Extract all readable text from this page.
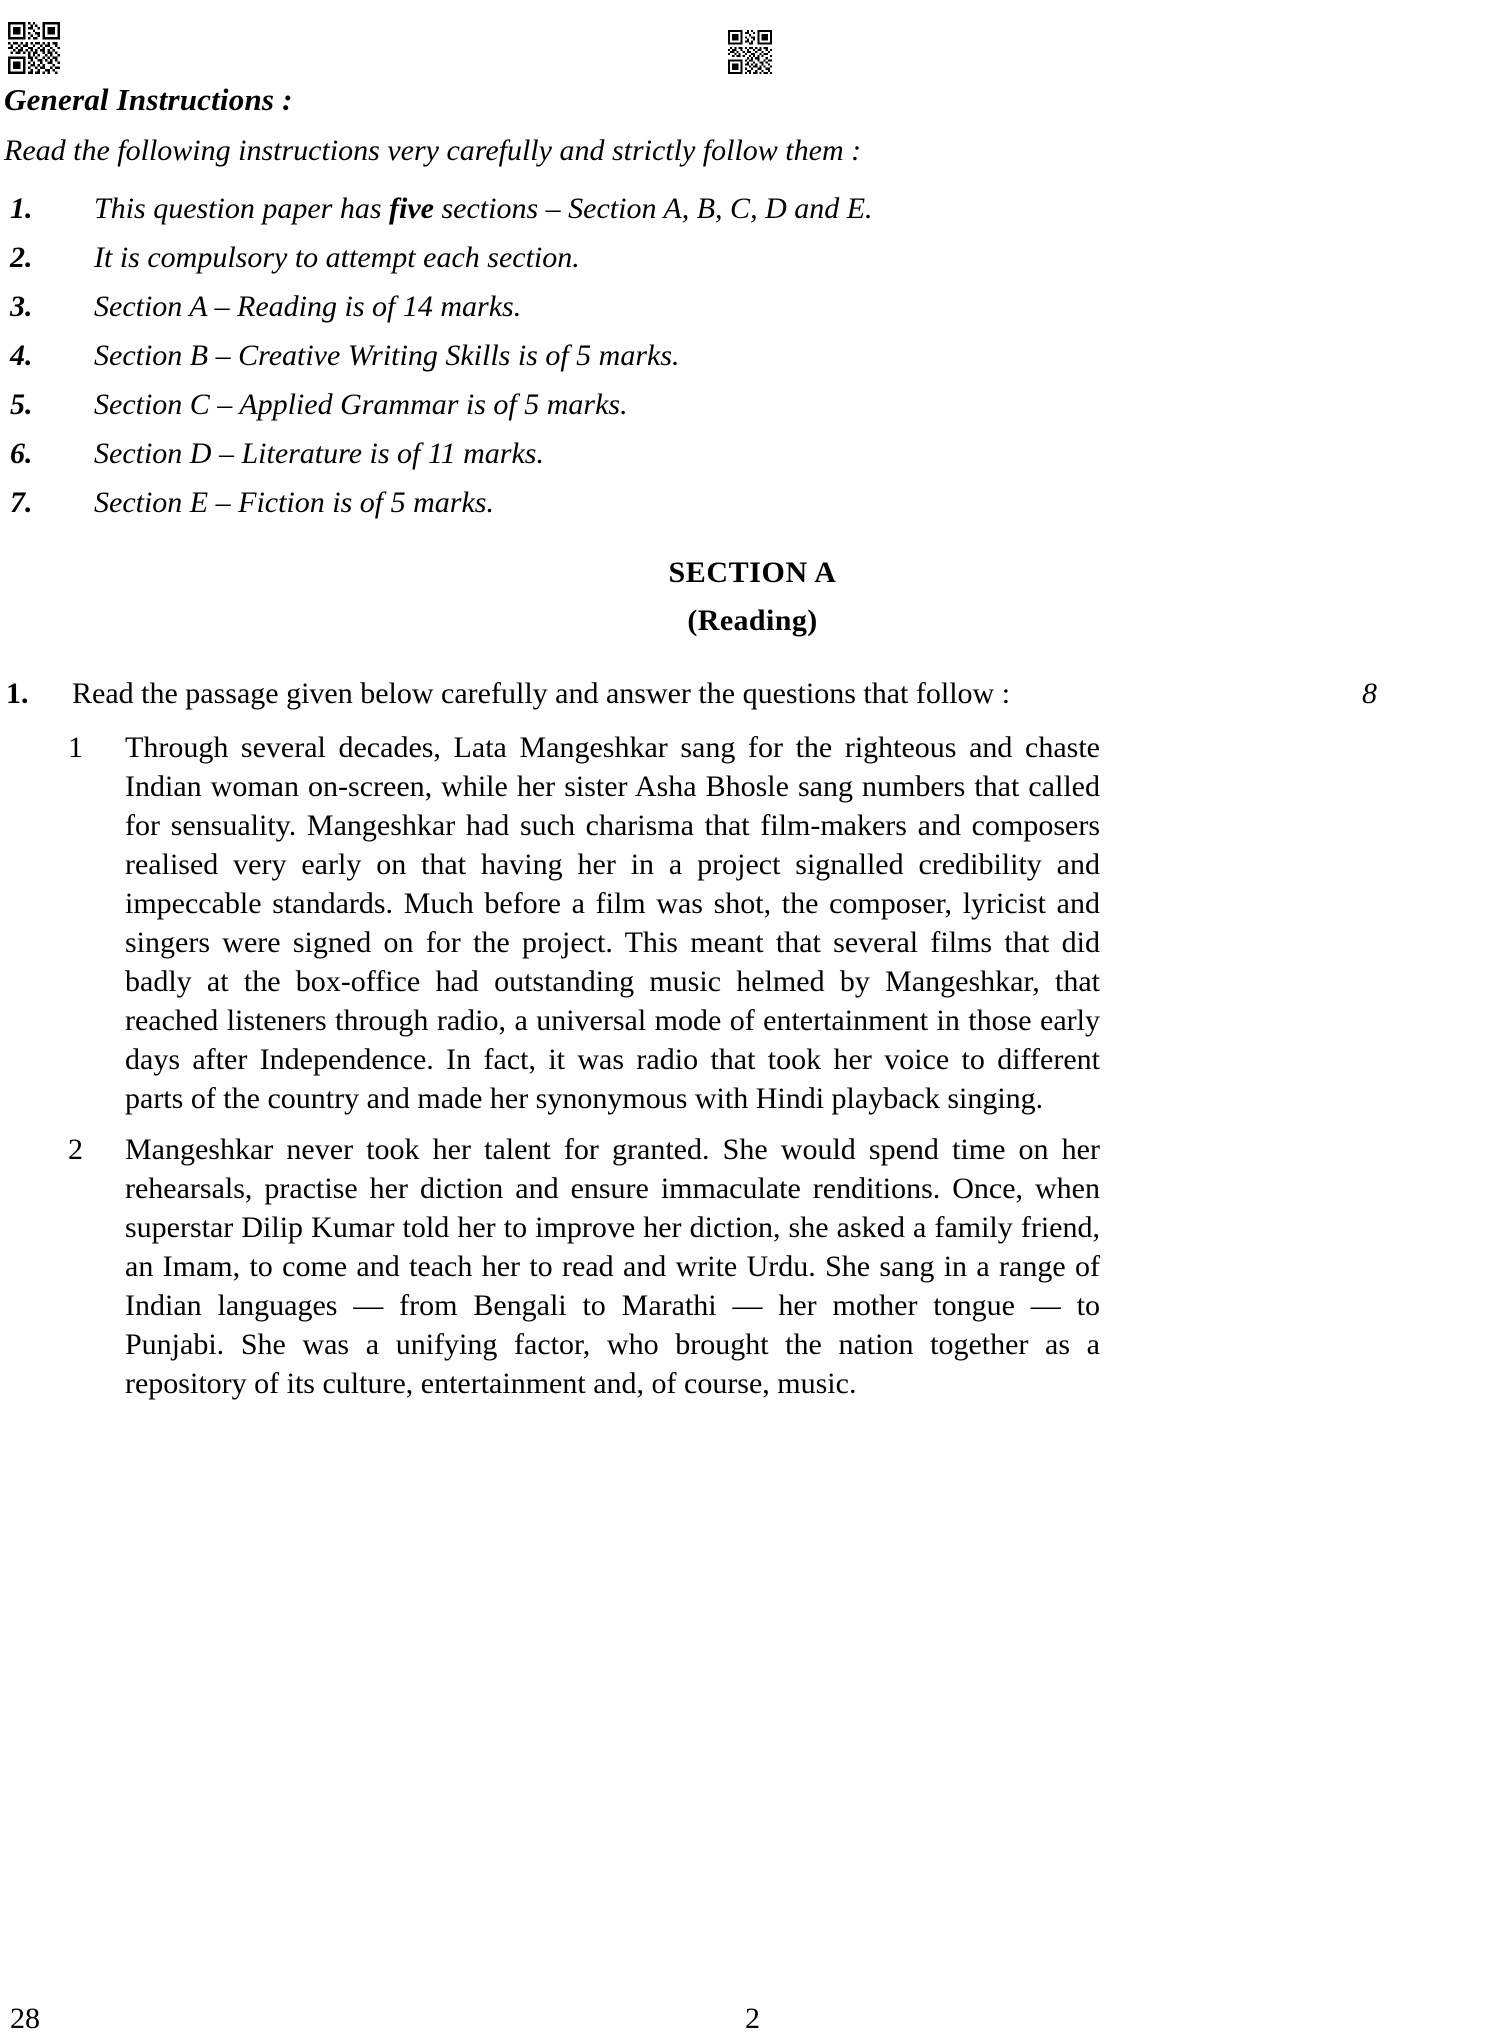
General Instructions :
Read the following instructions very carefully and strictly follow them :
1. This question paper has five sections – Section A, B, C, D and E.
2. It is compulsory to attempt each section.
3. Section A – Reading is of 14 marks.
4. Section B – Creative Writing Skills is of 5 marks.
5. Section C – Applied Grammar is of 5 marks.
6. Section D – Literature is of 11 marks.
7. Section E – Fiction is of 5 marks.
SECTION A
(Reading)
1. Read the passage given below carefully and answer the questions that follow :	8
1 Through several decades, Lata Mangeshkar sang for the righteous and chaste Indian woman on-screen, while her sister Asha Bhosle sang numbers that called for sensuality. Mangeshkar had such charisma that film-makers and composers realised very early on that having her in a project signalled credibility and impeccable standards. Much before a film was shot, the composer, lyricist and singers were signed on for the project. This meant that several films that did badly at the box-office had outstanding music helmed by Mangeshkar, that reached listeners through radio, a universal mode of entertainment in those early days after Independence. In fact, it was radio that took her voice to different parts of the country and made her synonymous with Hindi playback singing.
2 Mangeshkar never took her talent for granted. She would spend time on her rehearsals, practise her diction and ensure immaculate renditions. Once, when superstar Dilip Kumar told her to improve her diction, she asked a family friend, an Imam, to come and teach her to read and write Urdu. She sang in a range of Indian languages — from Bengali to Marathi — her mother tongue — to Punjabi. She was a unifying factor, who brought the nation together as a repository of its culture, entertainment and, of course, music.
28	2
